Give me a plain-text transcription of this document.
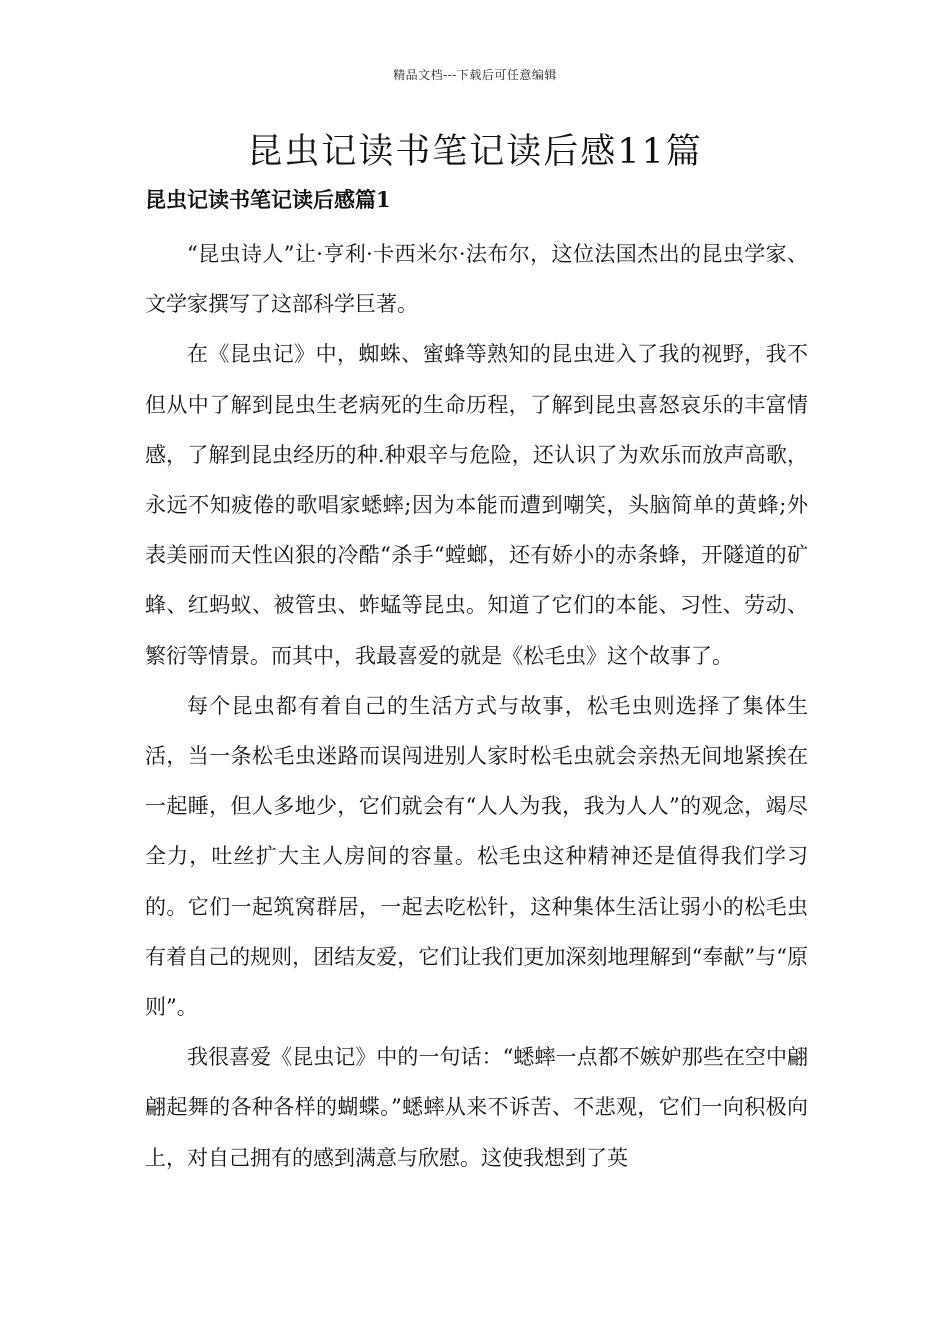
精品文档---下载后可任意编辑
昆虫记读书笔记读后感11篇
昆虫记读书笔记读后感篇1

“昆虫诗人”让·亨利·卡西米尔·法布尔，这位法国杰出的昆虫学家、文学家撰写了这部科学巨著。

在《昆虫记》中，蜘蛛、蜜蜂等熟知的昆虫进入了我的视野，我不但从中了解到昆虫生老病死的生命历程，了解到昆虫喜怒哀乐的丰富情感，了解到昆虫经历的种.种艰辛与危险，还认识了为欢乐而放声高歌，永远不知疲倦的歌唱家蟋蟀;因为本能而遭到嘲笑，头脑简单的黄蜂;外表美丽而天性凶狠的冷酷“杀手“螳螂，还有娇小的赤条蜂，开隧道的矿蜂、红蚂蚁、被管虫、蚱蜢等昆虫。知道了它们的本能、习性、劳动、繁衍等情景。而其中，我最喜爱的就是《松毛虫》这个故事了。

每个昆虫都有着自己的生活方式与故事，松毛虫则选择了集体生活，当一条松毛虫迷路而误闯进别人家时松毛虫就会亲热无间地紧挨在一起睡，但人多地少，它们就会有“人人为我，我为人人”的观念，竭尽全力，吐丝扩大主人房间的容量。松毛虫这种精神还是值得我们学习的。它们一起筑窝群居，一起去吃松针，这种集体生活让弱小的松毛虫有着自己的规则，团结友爱，它们让我们更加深刻地理解到“奉献”与“原则”。

我很喜爱《昆虫记》中的一句话：“蟋蟀一点都不嫉妒那些在空中翩翩起舞的各种各样的蝴蝶。”蟋蟀从来不诉苦、不悲观，它们一向积极向上，对自己拥有的感到满意与欣慰。这使我想到了英
